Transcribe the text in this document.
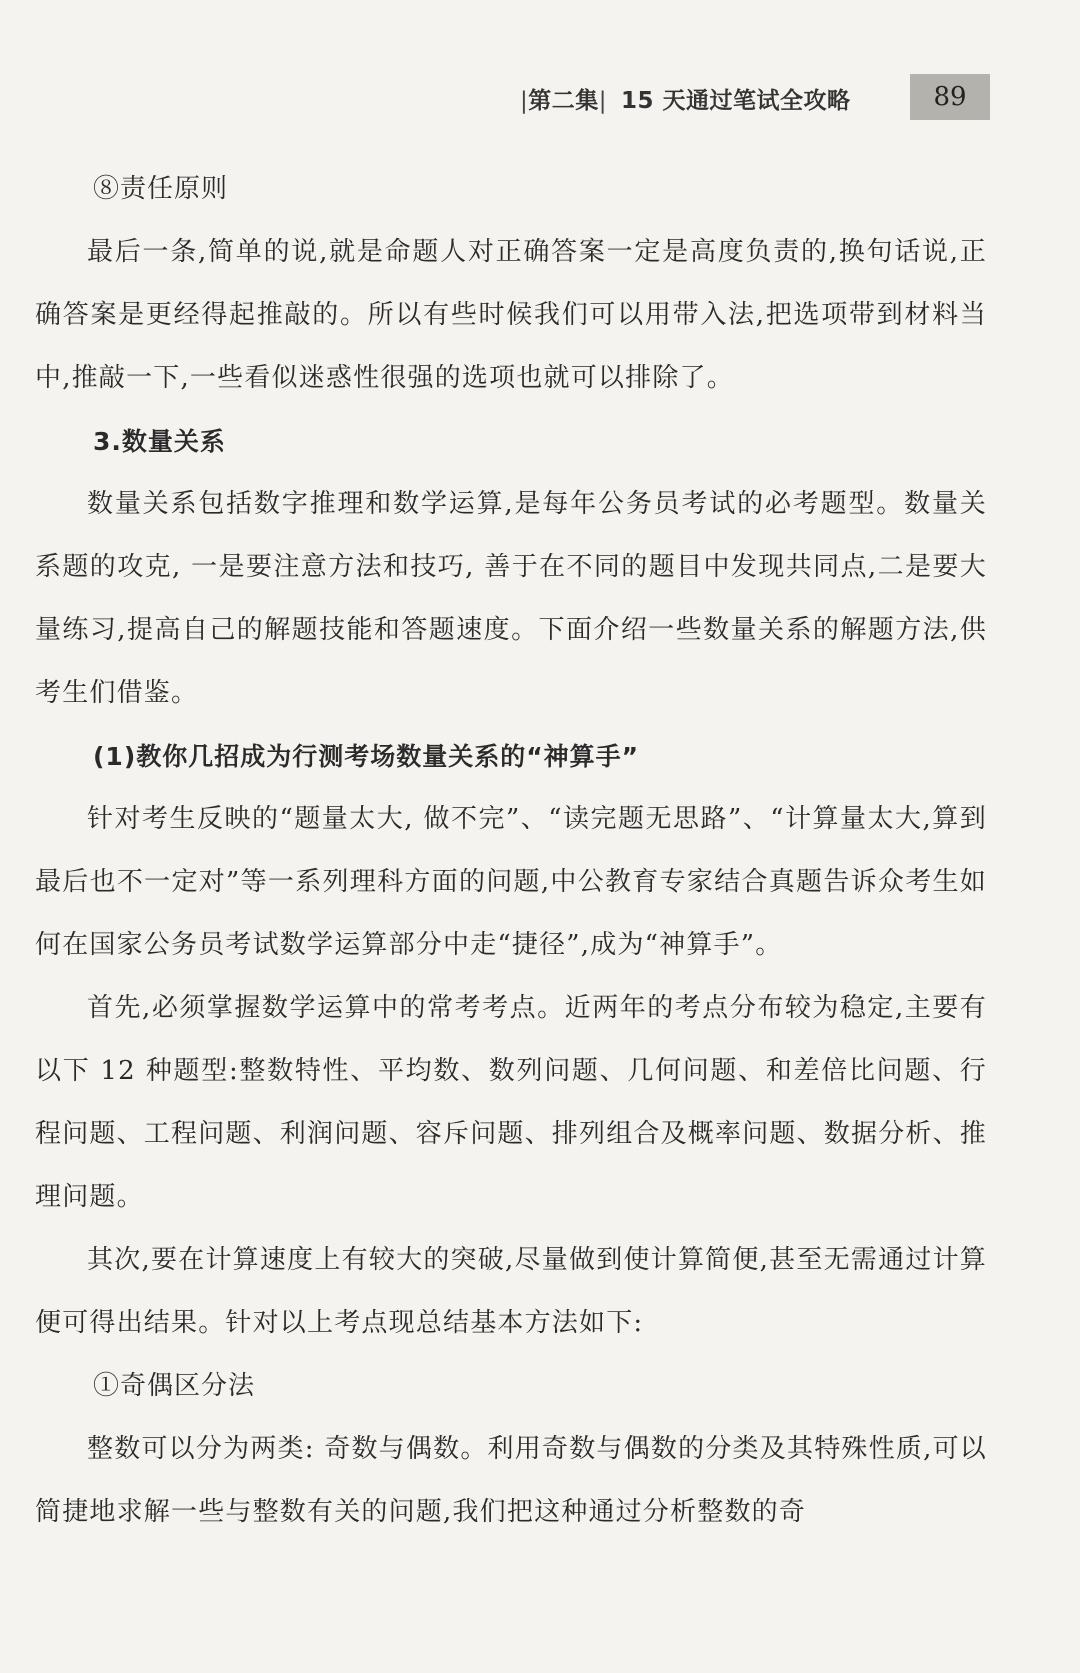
|第二集| 15 天通过笔试全攻略	89

⑧责任原则

最后一条,简单的说,就是命题人对正确答案一定是高度负责的,换句话说,正确答案是更经得起推敲的。所以有些时候我们可以用带入法,把选项带到材料当中,推敲一下,一些看似迷惑性很强的选项也就可以排除了。

3.数量关系

数量关系包括数字推理和数学运算,是每年公务员考试的必考题型。数量关系题的攻克, 一是要注意方法和技巧, 善于在不同的题目中发现共同点,二是要大量练习,提高自己的解题技能和答题速度。下面介绍一些数量关系的解题方法,供考生们借鉴。

(1)教你几招成为行测考场数量关系的“神算手”

针对考生反映的“题量太大, 做不完”、“读完题无思路”、“计算量太大,算到最后也不一定对”等一系列理科方面的问题,中公教育专家结合真题告诉众考生如何在国家公务员考试数学运算部分中走“捷径”,成为“神算手”。

首先,必须掌握数学运算中的常考考点。近两年的考点分布较为稳定,主要有以下 12 种题型:整数特性、平均数、数列问题、几何问题、和差倍比问题、行程问题、工程问题、利润问题、容斥问题、排列组合及概率问题、数据分析、推理问题。

其次,要在计算速度上有较大的突破,尽量做到使计算简便,甚至无需通过计算便可得出结果。针对以上考点现总结基本方法如下:

①奇偶区分法

整数可以分为两类: 奇数与偶数。利用奇数与偶数的分类及其特殊性质,可以简捷地求解一些与整数有关的问题,我们把这种通过分析整数的奇
